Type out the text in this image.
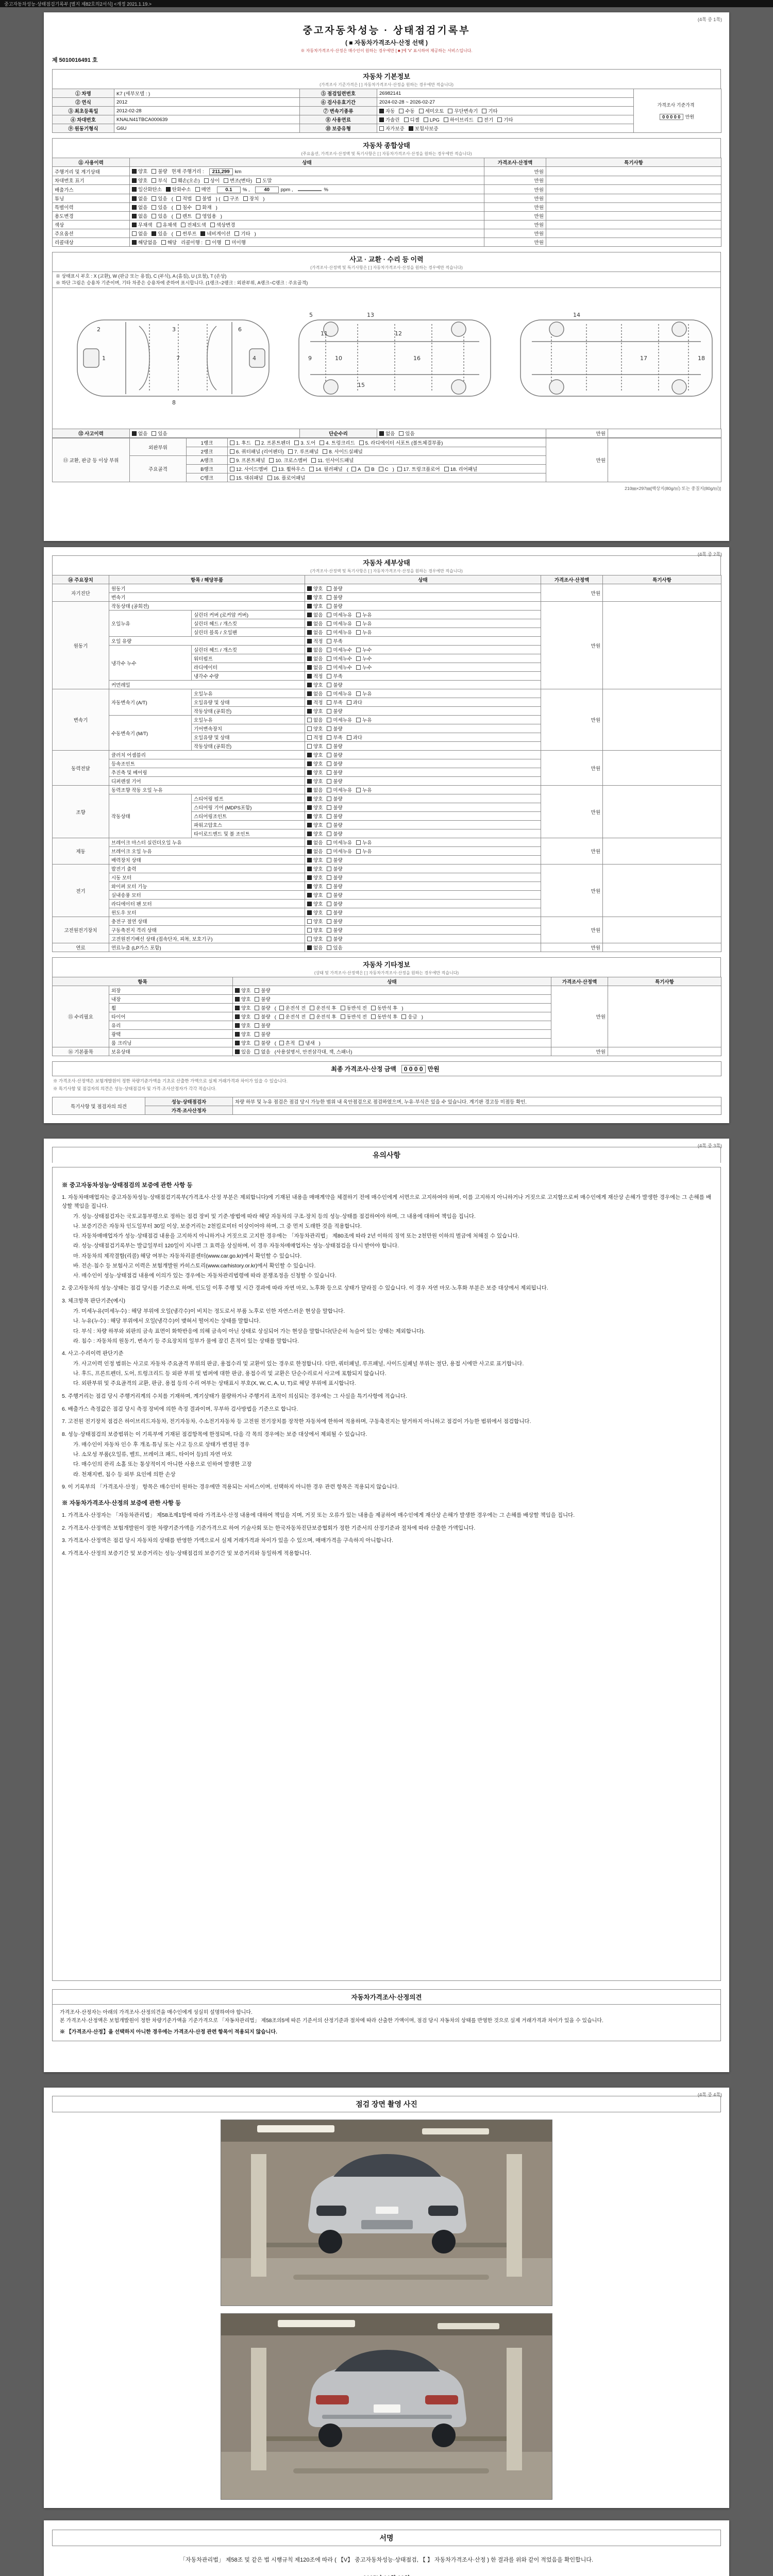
중고자동차성능·상태점검기록부 [별지 제82호의2서식] <개정 2021.1.19.>
(4쪽 중 1쪽)
중고자동차성능 · 상태점검기록부
( ■ 자동차가격조사·산정 선택 )
※ 자동차가격조사·산정은 매수인이 원하는 경우에만 [ ■ ]에 'V' 표시하여 제공하는 서비스입니다.
제 5010016491 호
자동차 기본정보
(가격조사 기준가격은 [ ] 자동차가격조사·산정을 원하는 경우에만 적습니다)
① 차명	K7 (세부모델 : )	⑤ 점검일련번호	26982141	가격조사 기준가격

0 0 0 0 0 만원
② 연식	2012	⑥ 검사유효기간	2024-02-28 ~ 2026-02-27	
③ 최초등록일	2012-02-28	⑦ 변속기종류	자동 수동 세미오토 무단변속기 기타	
④ 차대번호	KNALN41TBCA000639	⑧ 사용연료	가솔린 디젤 LPG 하이브리드 전기 기타	
⑨ 원동기형식	G6U	⑩ 보증유형	자가보증 보험사보증	
자동차 종합상태
(주요옵션, 가격조사·산정액 및 특기사항은 [ ] 자동차가격조사·산정을 원하는 경우에만 적습니다)
⑪ 사용이력	상태	가격조사·산정액	특기사항
주행거리 및 계기상태	양호 불량 현재 주행거리 : 211,299 km	만원	
차대번호 표기	양호 부식 훼손(오손) 상이 변조(변타) 도말	만원	
배출가스	일산화탄소 탄화수소 매연 0.1 % , 40 ppm , %	만원	
튜닝	없음 있음 ( 적법 불법 ) ( 구조 장치 )	만원	
특별이력	없음 있음 ( 침수 화재 )	만원	
용도변경	없음 있음 ( 렌트 영업용 )	만원	
색상	무채색 유채색 전체도색 색상변경	만원	
주요옵션	없음 있음 ( 썬루프 네비게이션 기타 )	만원	
리콜대상	해당없음 해당 리콜이행 : 이행 미이행	만원	
사고 · 교환 · 수리 등 이력
(가격조사·산정액 및 특기사항은 [ ] 자동차가격조사·산정을 원하는 경우에만 적습니다)
※ 상태표시 부호 : X (교환), W (판금 또는 용접), C (부식), A (흠집), U (요철), T (손상)
※ 하단 그림은 승용차 기준이며, 기타 차종은 승용차에 준하여 표시합니다. (1랭크~2랭크 : 외판부위, A랭크~C랭크 : 주요골격)
1
2	3
4
5
6
7
8
9	10
11	12
13	14
15
16	17	18
⑫ 사고이력	없음 있음	단순수리	없음 있음	만원	
⑬ 교환, 판금 등 이상 부위	외판부위	1랭크	1. 후드 2. 프론트펜더 3. 도어 4. 트렁크리드 5. 라디에이터 서포트 (볼트체결부품)	만원	
		2랭크	6. 쿼터패널 (리어펜더) 7. 루프패널 8. 사이드실패널		
	주요골격	A랭크	9. 프론트패널 10. 크로스멤버 11. 인사이드패널		
		B랭크	12. 사이드멤버 13. 휠하우스 14. 필러패널 ( A B C ) 17. 트렁크플로어 18. 리어패널		
		C랭크	15. 대쉬패널 16. 플로어패널		
210㎜×297㎜[백상지(80g/㎡) 또는 중질지(80g/㎡)]
(4쪽 중 2쪽)
자동차 세부상태
(가격조사·산정액 및 특기사항은 [ ] 자동차가격조사·산정을 원하는 경우에만 적습니다)
⑭ 주요장치	항목 / 해당부품		상태	가격조사·산정액	특기사항
자기진단	원동기		양호 불량	만원	
	변속기		양호 불량		
원동기	작동상태 (공회전)		양호 불량	만원	
	오일누유	실린더 커버 (로커암 커버)	없음 미세누유 누유		
		실린더 헤드 / 개스킷	없음 미세누유 누유		
		실린더 블록 / 오일팬	없음 미세누유 누유		
	오일 유량		적정 부족		
	냉각수 누수	실린더 헤드 / 개스킷	없음 미세누수 누수		
		워터펌프	없음 미세누수 누수		
		라디에이터	없음 미세누수 누수		
		냉각수 수량	적정 부족		
	커먼레일		양호 불량		
변속기	자동변속기 (A/T)	오일누유	없음 미세누유 누유	만원	
		오일유량 및 상태	적정 부족 과다		
		작동상태 (공회전)	양호 불량		
	수동변속기 (M/T)	오일누유	없음 미세누유 누유		
		기어변속장치	양호 불량		
		오일유량 및 상태	적정 부족 과다		
		작동상태 (공회전)	양호 불량		
동력전달	클러치 어셈블리		양호 불량	만원	
	등속조인트		양호 불량		
	추진축 및 베어링		양호 불량		
	디퍼렌셜 기어		양호 불량		
조향	동력조향 작동 오일 누유		없음 미세누유 누유	만원	
	작동상태	스티어링 펌프	양호 불량		
		스티어링 기어 (MDPS포함)	양호 불량		
		스티어링조인트	양호 불량		
		파워고압호스	양호 불량		
		타이로드엔드 및 볼 조인트	양호 불량		
제동	브레이크 마스터 실린더오일 누유		없음 미세누유 누유	만원	
	브레이크 오일 누유		없음 미세누유 누유		
	배력장치 상태		양호 불량		
전기	발전기 출력		양호 불량	만원	
	시동 모터		양호 불량		
	와이퍼 모터 기능		양호 불량		
	실내송풍 모터		양호 불량		
	라디에이터 팬 모터		양호 불량		
	윈도우 모터		양호 불량		
고전원전기장치	충전구 절연 상태		양호 불량	만원	
	구동축전지 격리 상태		양호 불량		
	고전원전기배선 상태 (접속단자, 피복, 보호기구)		양호 불량		
연료	연료누출 (LP가스 포함)		없음 있음	만원	
자동차 기타정보
(상태 및 가격조사·산정액은 [ ] 자동차가격조사·산정을 원하는 경우에만 적습니다)
항목		상태	가격조사·산정액	특기사항
⑮ 수리필요	외장	양호 불량	만원	
	내장	양호 불량		
	휠	양호 불량 ( 운전석 전 운전석 후 동반석 전 동반석 후 )		
	타이어	양호 불량 ( 운전석 전 운전석 후 동반석 전 동반석 후 응급 )		
	유리	양호 불량		
	광택	양호 불량		
	룸 크리닝	양호 불량 ( 흔적 냄새 )		
⑯ 기본품목	보유상태	있음 없음 (사용설명서, 안전삼각대, 잭, 스패너)	만원	
최종 가격조사·산정 금액 0 0 0 0 만원
※ 가격조사·산정액은 보험개발원이 정한 차량기준가액을 기초로 산출한 가액으로 실제 거래가격과 차이가 있을 수 있습니다.
※ 특기사항 및 점검자의 의견은 성능·상태점검자 및 가격·조사산정자가 각각 적습니다.
특기사항 및 점검자의 의견	성능·상태점검자	차량 하부 및 누유 점검은 점검 당시 가능한 범위 내 육안점검으로 점검하였으며, 누유·부식은 있을 수 있습니다. 계기판 경고등 미점등 확인.
	가격·조사산정자	
(4쪽 중 3쪽)
유의사항
※ 중고자동차성능·상태점검의 보증에 관한 사항 등
1. 자동차매매업자는 중고자동차성능·상태점검기록부(가격조사·산정 부분은 제외합니다)에 기재된 내용을 매매계약을 체결하기 전에 매수인에게 서면으로 고지하여야 하며, 이를 고지하지 아니하거나 거짓으로 고지함으로써 매수인에게 재산상 손해가 발생한 경우에는 그 손해를 배상할 책임을 집니다.
가. 성능·상태점검자는 국토교통부령으로 정하는 점검 장비 및 기준·방법에 따라 해당 자동차의 구조·장치 등의 성능·상태를 점검하여야 하며, 그 내용에 대하여 책임을 집니다.
나. 보증기간은 자동차 인도일부터 30일 이상, 보증거리는 2천킬로미터 이상이어야 하며, 그 중 먼저 도래한 것을 적용합니다.
다. 자동차매매업자가 성능·상태점검 내용을 고지하지 아니하거나 거짓으로 고지한 경우에는 「자동차관리법」 제80조에 따라 2년 이하의 징역 또는 2천만원 이하의 벌금에 처해질 수 있습니다.
라. 성능·상태점검기록부는 발급일부터 120일이 지나면 그 효력을 상실하며, 이 경우 자동차매매업자는 성능·상태점검을 다시 받아야 합니다.
마. 자동차의 제작결함(리콜) 해당 여부는 자동차리콜센터(www.car.go.kr)에서 확인할 수 있습니다.
바. 전손·침수 등 보험사고 이력은 보험개발원 카히스토리(www.carhistory.or.kr)에서 확인할 수 있습니다.
사. 매수인이 성능·상태점검 내용에 이의가 있는 경우에는 자동차관리법령에 따라 분쟁조정을 신청할 수 있습니다.
2. 중고자동차의 성능·상태는 점검 당시를 기준으로 하며, 인도일 이후 주행 및 시간 경과에 따라 자연 마모, 노후화 등으로 상태가 달라질 수 있습니다. 이 경우 자연 마모·노후화 부분은 보증 대상에서 제외됩니다.
3. 체크항목 판단기준(예시)
가. 미세누유(미세누수) : 해당 부위에 오일(냉각수)이 비치는 정도로서 부품 노후로 인한 자연스러운 현상을 말합니다.
나. 누유(누수) : 해당 부위에서 오일(냉각수)이 맺혀서 떨어지는 상태를 말합니다.
다. 부식 : 차량 하부와 외판의 금속 표면이 화학반응에 의해 금속이 아닌 상태로 상실되어 가는 현상을 말합니다(단순히 녹슬어 있는 상태는 제외합니다).
라. 침수 : 자동차의 원동기, 변속기 등 주요장치의 일부가 물에 잠긴 흔적이 있는 상태를 말합니다.
4. 사고·수리이력 판단기준
가. 사고이력 인정 범위는 사고로 자동차 주요골격 부위의 판금, 용접수리 및 교환이 있는 경우로 한정합니다. 다만, 쿼터패널, 루프패널, 사이드실패널 부위는 절단, 용접 시에만 사고로 표기합니다.
나. 후드, 프론트펜더, 도어, 트렁크리드 등 외판 부위 및 범퍼에 대한 판금, 용접수리 및 교환은 단순수리로서 사고에 포함되지 않습니다.
다. 외판부위 및 주요골격의 교환, 판금, 용접 등의 수리 여부는 상태표시 부호(X, W, C, A, U, T)로 해당 부위에 표시합니다.
5. 주행거리는 점검 당시 주행거리계의 수치를 기재하며, 계기상태가 불량하거나 주행거리 조작이 의심되는 경우에는 그 사실을 특기사항에 적습니다.
6. 배출가스 측정값은 점검 당시 측정 장비에 의한 측정 결과이며, 무부하 검사방법을 기준으로 합니다.
7. 고전원 전기장치 점검은 하이브리드자동차, 전기자동차, 수소전기자동차 등 고전원 전기장치를 장착한 자동차에 한하여 적용하며, 구동축전지는 탈거하지 아니하고 점검이 가능한 범위에서 점검합니다.
8. 성능·상태점검의 보증범위는 이 기록부에 기재된 점검항목에 한정되며, 다음 각 목의 경우에는 보증 대상에서 제외될 수 있습니다.
가. 매수인이 자동차 인수 후 개조·튜닝 또는 사고 등으로 상태가 변경된 경우
나. 소모성 부품(오일류, 벨트, 브레이크 패드, 타이어 등)의 자연 마모
다. 매수인의 관리 소홀 또는 통상적이지 아니한 사용으로 인하여 발생한 고장
라. 천재지변, 침수 등 외부 요인에 의한 손상
9. 이 기록부의 「가격조사·산정」 항목은 매수인이 원하는 경우에만 적용되는 서비스이며, 선택하지 아니한 경우 관련 항목은 적용되지 않습니다.
※ 자동차가격조사·산정의 보증에 관한 사항 등
1. 가격조사·산정자는 「자동차관리법」 제58조제1항에 따라 가격조사·산정 내용에 대하여 책임을 지며, 거짓 또는 오류가 있는 내용을 제공하여 매수인에게 재산상 손해가 발생한 경우에는 그 손해를 배상할 책임을 집니다.
2. 가격조사·산정액은 보험개발원이 정한 차량기준가액을 기준가격으로 하여 기술사회 또는 한국자동차진단보증협회가 정한 기준서의 산정기준과 절차에 따라 산출한 가액입니다.
3. 가격조사·산정액은 점검 당시 자동차의 상태를 반영한 가액으로서 실제 거래가격과 차이가 있을 수 있으며, 매매가격을 구속하지 아니합니다.
4. 가격조사·산정의 보증기간 및 보증거리는 성능·상태점검의 보증기간 및 보증거리와 동일하게 적용합니다.
자동차가격조사·산정의견
가격조사·산정자는 아래의 가격조사·산정의견을 매수인에게 성실히 설명하여야 합니다.
본 가격조사·산정액은 보험개발원이 정한 차량기준가액을 기준가격으로 「자동차관리법」 제58조의5에 따른 기준서의 산정기준과 절차에 따라 산출한 가액이며, 점검 당시 자동차의 상태를 반영한 것으로 실제 거래가격과 차이가 있을 수 있습니다.
※ 【가격조사·산정】을 선택하지 아니한 경우에는 가격조사·산정 관련 항목이 적용되지 않습니다.
(4쪽 중 4쪽)
점검 장면 촬영 사진
서명
「자동차관리법」 제58조 및 같은 법 시행규칙 제120조에 따라 ( 【V】 중고자동차성능·상태점검, 【 】 자동차가격조사·산정 ) 한 결과를 위와 같이 적었음을 확인합니다.
